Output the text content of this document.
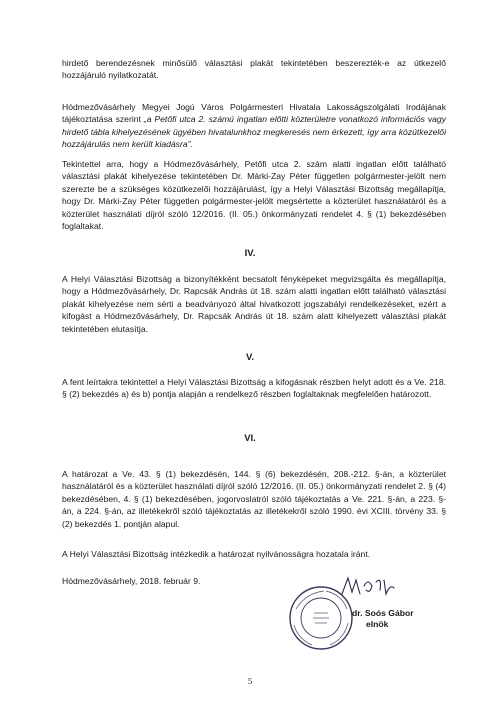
hirdető berendezésnek minősülő választási plakát tekintetében beszerezték-e az útkezelő hozzájáruló nyilatkozatát.

Hódmezővásárhely Megyei Jogú Város Polgármesteri Hivatala Lakosságszolgálati Irodájának tájékoztatása szerint „a Petőfi utca 2. számú ingatlan előtti közterületre vonatkozó információs vagy hirdető tábla kihelyezésének ügyében hivatalunkhoz megkeresés nem érkezett, így arra közútkezelői hozzájárulás nem került kiadásra”.

Tekintettel arra, hogy a Hódmezővásárhely, Petőfi utca 2. szám alatti ingatlan előtt található választási plakát kihelyezése tekintetében Dr. Márki-Zay Péter független polgármester-jelölt nem szerezte be a szükséges közútkezelői hozzájárulást, így a Helyi Választási Bizottság megállapítja, hogy Dr. Márki-Zay Péter független polgármester-jelölt megsértette a közterület használatáról és a közterület használati díjról szóló 12/2016. (II. 05.) önkormányzati rendelet 4. § (1) bekezdésében foglaltakat.

IV.

A Helyi Választási Bizottság a bizonyítékként becsatolt fényképeket megvizsgálta és megállapítja, hogy a Hódmezővásárhely, Dr. Rapcsák András út 18. szám alatti ingatlan előtt található választási plakát kihelyezése nem sérti a beadványozó által hivatkozott jogszabályi rendelkezéseket, ezért a kifogást a Hódmezővásárhely, Dr. Rapcsák András út 18. szám alatt kihelyezett választási plakát tekintetében elutasítja.

V.

A fent leírtakra tekintettel a Helyi Választási Bizottság a kifogásnak részben helyt adott és a Ve. 218. § (2) bekezdés a) és b) pontja alapján a rendelkező részben foglaltaknak megfelelően határozott.

VI.

A határozat a Ve. 43. § (1) bekezdésén, 144. § (6) bekezdésén, 208.-212. §-án, a közterület használatáról és a közterület használati díjról szóló 12/2016. (II. 05.) önkormányzati rendelet 2. § (4) bekezdésében, 4. § (1) bekezdésében, jogorvoslatról szóló tájékoztatás a Ve. 221. §-án, a 223. §-án, a 224. §-án, az illetékekről szóló tájékoztatás az illetékekről szóló 1990. évi XCIII. törvény 33. § (2) bekezdés 1. pontján alapul.

A Helyi Választási Bizottság intézkedik a határozat nyilvánosságra hozatala iránt.

Hódmezővásárhely, 2018. február 9.

dr. Soós Gábor
elnök
5
